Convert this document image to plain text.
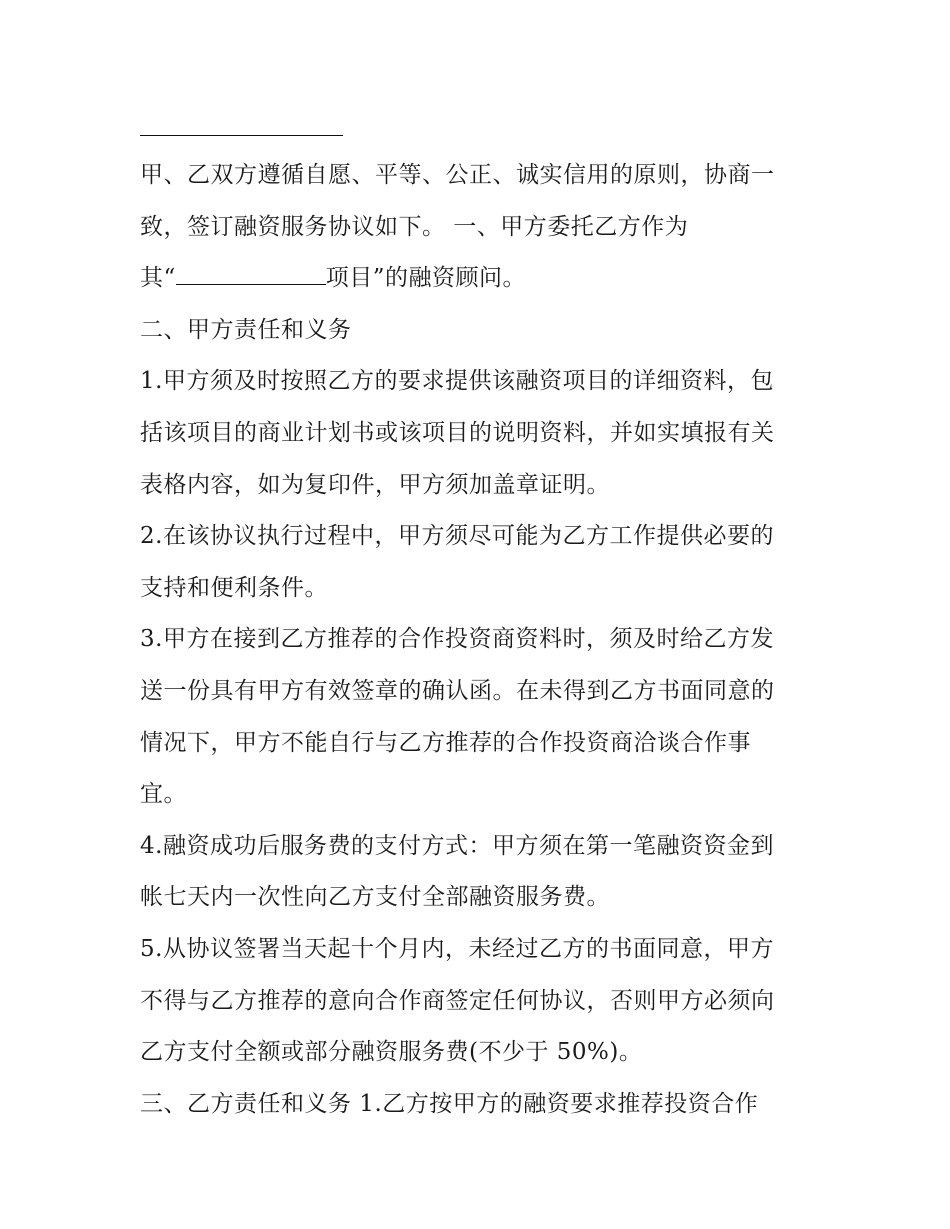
甲、乙双方遵循自愿、平等、公正、诚实信用的原则，协商一
致，签订融资服务协议如下。 一、甲方委托乙方作为
其“	项目”的融资顾问。
二、甲方责任和义务
1.甲方须及时按照乙方的要求提供该融资项目的详细资料，包
括该项目的商业计划书或该项目的说明资料，并如实填报有关
表格内容，如为复印件，甲方须加盖章证明。
2.在该协议执行过程中，甲方须尽可能为乙方工作提供必要的
支持和便利条件。
3.甲方在接到乙方推荐的合作投资商资料时，须及时给乙方发
送一份具有甲方有效签章的确认函。在未得到乙方书面同意的
情况下，甲方不能自行与乙方推荐的合作投资商洽谈合作事
宜。
4.融资成功后服务费的支付方式：甲方须在第一笔融资资金到
帐七天内一次性向乙方支付全部融资服务费。
5.从协议签署当天起十个月内，未经过乙方的书面同意，甲方
不得与乙方推荐的意向合作商签定任何协议，否则甲方必须向
乙方支付全额或部分融资服务费(不少于 50%)。
三、乙方责任和义务 1.乙方按甲方的融资要求推荐投资合作
